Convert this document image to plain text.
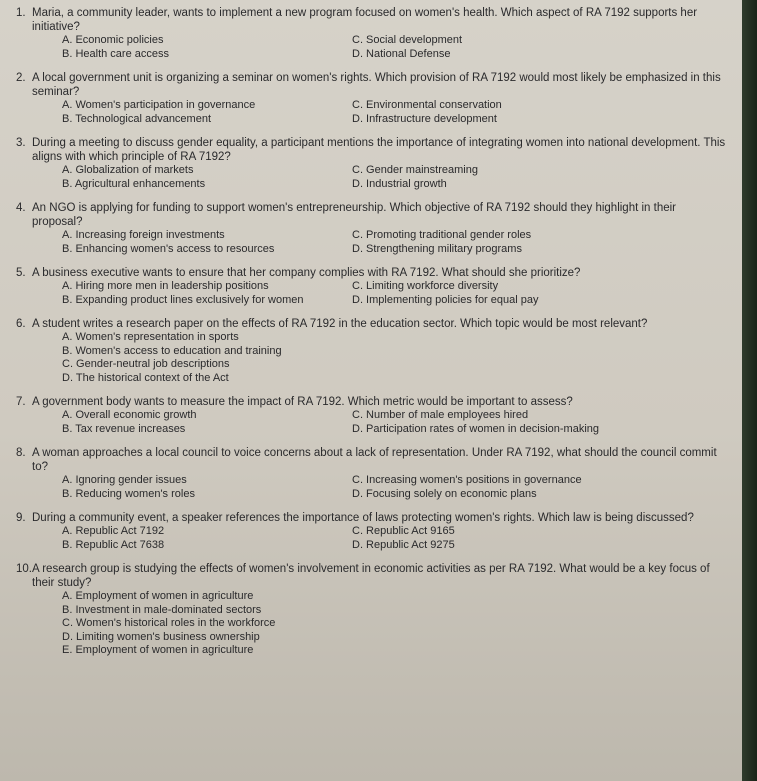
1. Maria, a community leader, wants to implement a new program focused on women's health. Which aspect of RA 7192 supports her initiative?
A. Economic policies	C. Social development
B. Health care access	D. National Defense
2. A local government unit is organizing a seminar on women's rights. Which provision of RA 7192 would most likely be emphasized in this seminar?
A. Women's participation in governance	C. Environmental conservation
B. Technological advancement	D. Infrastructure development
3. During a meeting to discuss gender equality, a participant mentions the importance of integrating women into national development. This aligns with which principle of RA 7192?
A. Globalization of markets	C. Gender mainstreaming
B. Agricultural enhancements	D. Industrial growth
4. An NGO is applying for funding to support women's entrepreneurship. Which objective of RA 7192 should they highlight in their proposal?
A. Increasing foreign investments	C. Promoting traditional gender roles
B. Enhancing women's access to resources	D. Strengthening military programs
5. A business executive wants to ensure that her company complies with RA 7192. What should she prioritize?
A. Hiring more men in leadership positions	C. Limiting workforce diversity
B. Expanding product lines exclusively for women	D. Implementing policies for equal pay
6. A student writes a research paper on the effects of RA 7192 in the education sector. Which topic would be most relevant?
A. Women's representation in sports
B. Women's access to education and training
C. Gender-neutral job descriptions
D. The historical context of the Act
7. A government body wants to measure the impact of RA 7192. Which metric would be important to assess?
A. Overall economic growth	C. Number of male employees hired
B. Tax revenue increases	D. Participation rates of women in decision-making
8. A woman approaches a local council to voice concerns about a lack of representation. Under RA 7192, what should the council commit to?
A. Ignoring gender issues	C. Increasing women's positions in governance
B. Reducing women's roles	D. Focusing solely on economic plans
9. During a community event, a speaker references the importance of laws protecting women's rights. Which law is being discussed?
A. Republic Act 7192	C. Republic Act 9165
B. Republic Act 7638	D. Republic Act 9275
10. A research group is studying the effects of women's involvement in economic activities as per RA 7192. What would be a key focus of their study?
A. Employment of women in agriculture
B. Investment in male-dominated sectors
C. Women's historical roles in the workforce
D. Limiting women's business ownership
E. Employment of women in agriculture
